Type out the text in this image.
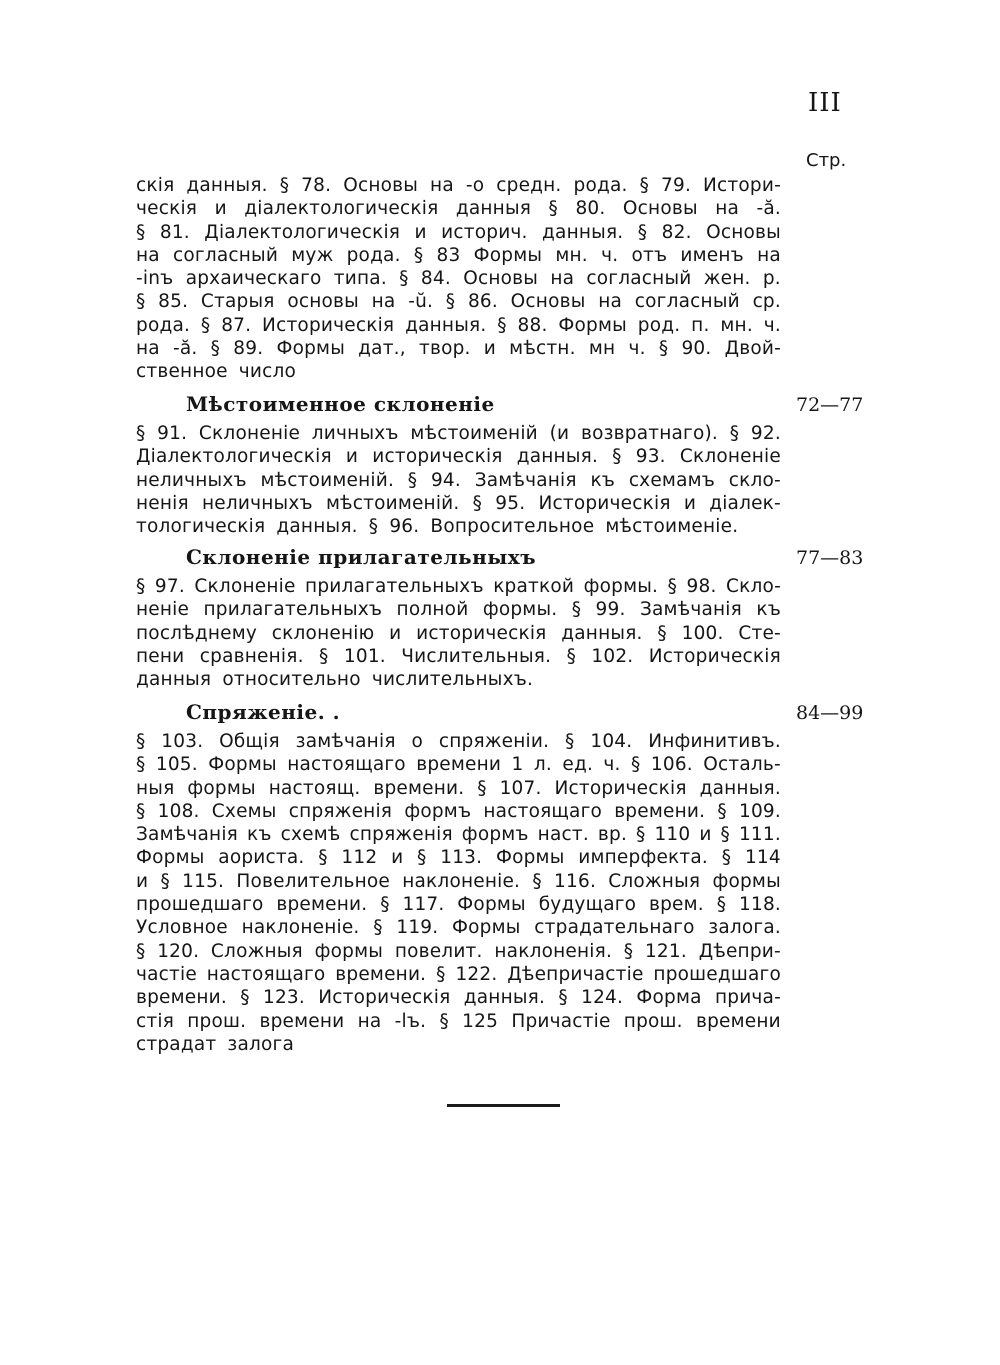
III
Стр.
скія данныя. § 78. Основы на -о средн. рода. § 79. Истори-
ческія и діалектологическія данныя § 80. Основы на -ă.
§ 81. Діалектологическія и историч. данныя. § 82. Основы
на согласный муж рода. § 83 Формы мн. ч. отъ именъ на
-inъ архаическаго типа. § 84. Основы на согласный жен. р.
§ 85. Старыя основы на -ŭ. § 86. Основы на согласный ср.
рода. § 87. Историческія данныя. § 88. Формы род. п. мн. ч.
на -ă. § 89. Формы дат., твор. и мѣстн. мн ч. § 90. Двой-
ственное число
Мѣстоименное склоненіе	72—77
§ 91. Склоненіе личныхъ мѣстоименій (и возвратнаго). § 92.
Діалектологическія и историческія данныя. § 93. Склоненіе
неличныхъ мѣстоименій. § 94. Замѣчанія къ схемамъ скло-
ненія неличныхъ мѣстоименій. § 95. Историческія и діалек-
тологическія данныя. § 96. Вопросительное мѣстоименіе.
Склоненіе прилагательныхъ	77—83
§ 97. Склоненіе прилагательныхъ краткой формы. § 98. Скло-
неніе прилагательныхъ полной формы. § 99. Замѣчанія къ
послѣднему склоненію и историческія данныя. § 100. Сте-
пени сравненія. § 101. Числительныя. § 102. Историческія
данныя относительно числительныхъ.
Спряженіе. .	84—99
§ 103. Общія замѣчанія о спряженіи. § 104. Инфинитивъ.
§ 105. Формы настоящаго времени 1 л. ед. ч. § 106. Осталь-
ныя формы настоящ. времени. § 107. Историческія данныя.
§ 108. Схемы спряженія формъ настоящаго времени. § 109.
Замѣчанія къ схемѣ спряженія формъ наст. вр. § 110 и § 111.
Формы аориста. § 112 и § 113. Формы имперфекта. § 114
и § 115. Повелительное наклоненіе. § 116. Сложныя формы
прошедшаго времени. § 117. Формы будущаго врем. § 118.
Условное наклоненіе. § 119. Формы страдательнаго залога.
§ 120. Сложныя формы повелит. наклоненія. § 121. Дѣепри-
частіе настоящаго времени. § 122. Дѣепричастіе прошедшаго
времени. § 123. Историческія данныя. § 124. Форма прича-
стія прош. времени на -lъ. § 125 Причастіе прош. времени
страдат залога
